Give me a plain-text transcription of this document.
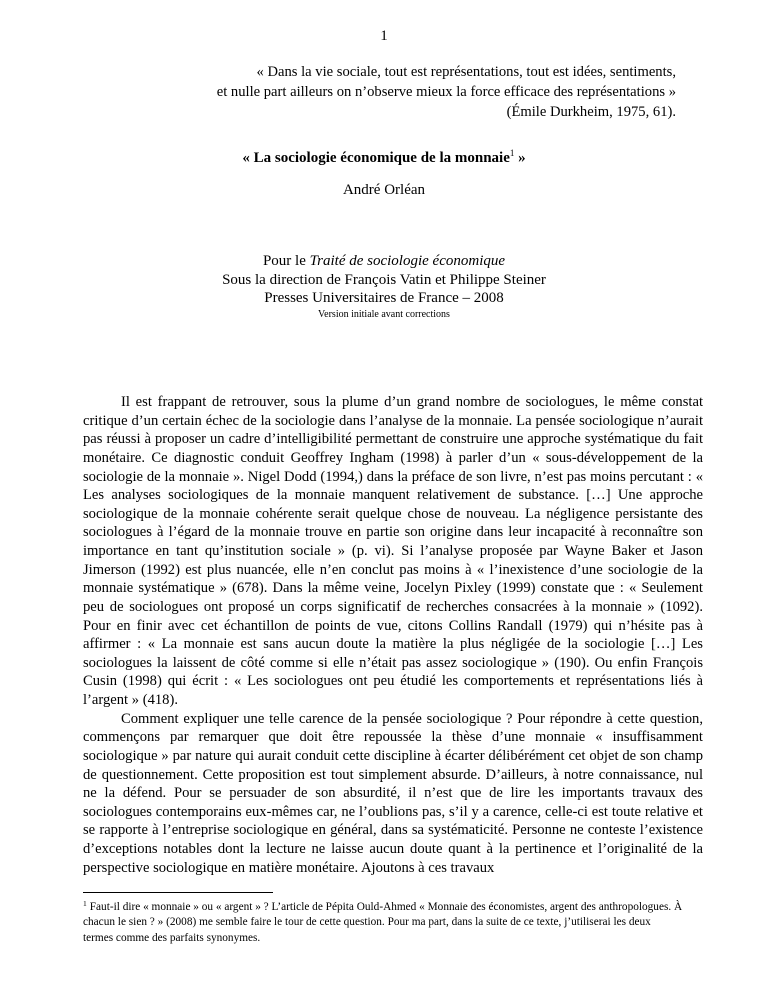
1
« Dans la vie sociale, tout est représentations, tout est idées, sentiments,
et nulle part ailleurs on n’observe mieux la force efficace des représentations »
(Émile Durkheim, 1975, 61).
« La sociologie économique de la monnaie$^1$ »
André Orléan
Pour le Traité de sociologie économique
Sous la direction de François Vatin et Philippe Steiner
Presses Universitaires de France – 2008
Version initiale avant corrections

Il est frappant de retrouver, sous la plume d’un grand nombre de sociologues, le même constat critique d’un certain échec de la sociologie dans l’analyse de la monnaie. La pensée sociologique n’aurait pas réussi à proposer un cadre d’intelligibilité permettant de construire une approche systématique du fait monétaire. Ce diagnostic conduit Geoffrey Ingham (1998) à parler d’un « sous-développement de la sociologie de la monnaie ». Nigel Dodd (1994,) dans la préface de son livre, n’est pas moins percutant : « Les analyses sociologiques de la monnaie manquent relativement de substance. […] Une approche sociologique de la monnaie cohérente serait quelque chose de nouveau. La négligence persistante des sociologues à l’égard de la monnaie trouve en partie son origine dans leur incapacité à reconnaître son importance en tant qu’institution sociale » (p. vi). Si l’analyse proposée par Wayne Baker et Jason Jimerson (1992) est plus nuancée, elle n’en conclut pas moins à « l’inexistence d’une sociologie de la monnaie systématique » (678). Dans la même veine, Jocelyn Pixley (1999) constate que : « Seulement peu de sociologues ont proposé un corps significatif de recherches consacrées à la monnaie » (1092). Pour en finir avec cet échantillon de points de vue, citons Collins Randall (1979) qui n’hésite pas à affirmer : « La monnaie est sans aucun doute la matière la plus négligée de la sociologie […] Les sociologues la laissent de côté comme si elle n’était pas assez sociologique » (190). Ou enfin François Cusin (1998) qui écrit : « Les sociologues ont peu étudié les comportements et représentations liés à l’argent » (418).

Comment expliquer une telle carence de la pensée sociologique ? Pour répondre à cette question, commençons par remarquer que doit être repoussée la thèse d’une monnaie « insuffisamment sociologique » par nature qui aurait conduit cette discipline à écarter délibérément cet objet de son champ de questionnement. Cette proposition est tout simplement absurde. D’ailleurs, à notre connaissance, nul ne la défend. Pour se persuader de son absurdité, il n’est que de lire les importants travaux des sociologues contemporains eux-mêmes car, ne l’oublions pas, s’il y a carence, celle-ci est toute relative et se rapporte à l’entreprise sociologique en général, dans sa systématicité. Personne ne conteste l’existence d’exceptions notables dont la lecture ne laisse aucun doute quant à la pertinence et l’originalité de la perspective sociologique en matière monétaire. Ajoutons à ces travaux

$^1$ Faut-il dire « monnaie » ou « argent » ? L’article de Pépita Ould-Ahmed « Monnaie des économistes, argent des anthropologues. À chacun le sien ? » (2008) me semble faire le tour de cette question. Pour ma part, dans la suite de ce texte, j’utiliserai les deux termes comme des parfaits synonymes.
